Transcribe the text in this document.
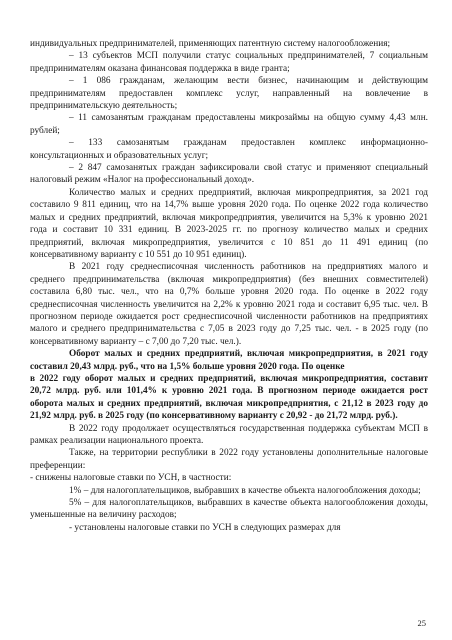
индивидуальных предпринимателей, применяющих патентную систему налогообложения;

– 13 субъектов МСП получили статус социальных предпринимателей, 7 социальным предпринимателям оказана финансовая поддержка в виде гранта;

– 1 086 гражданам, желающим вести бизнес, начинающим и действующим предпринимателям предоставлен комплекс услуг, направленный на вовлечение в предпринимательскую деятельность;

– 11 самозанятым гражданам предоставлены микрозаймы на общую сумму 4,43 млн. рублей;

– 133 самозанятым гражданам предоставлен комплекс информационно-консультационных и образовательных услуг;

– 2 847 самозанятых граждан зафиксировали свой статус и применяют специальный налоговый режим «Налог на профессиональный доход».

Количество малых и средних предприятий, включая микропредприятия, за 2021 год составило 9 811 единиц, что на 14,7% выше уровня 2020 года. По оценке 2022 года количество малых и средних предприятий, включая микропредприятия, увеличится на 5,3% к уровню 2021 года и составит 10 331 единиц. В 2023-2025 гг. по прогнозу количество малых и средних предприятий, включая микропредприятия, увеличится с 10 851 до 11 491 единиц (по консервативному варианту с 10 551 до 10 951 единиц).

В 2021 году среднесписочная численность работников на предприятиях малого и среднего предпринимательства (включая микропредприятия) (без внешних совместителей) составила 6,80 тыс. чел., что на 0,7% больше уровня 2020 года. По оценке в 2022 году среднесписочная численность увеличится на 2,2% к уровню 2021 года и составит 6,95 тыс. чел. В прогнозном периоде ожидается рост среднесписочной численности работников на предприятиях малого и среднего предпринимательства с 7,05 в 2023 году до 7,25 тыс. чел. - в 2025 году (по консервативному варианту – с 7,00 до 7,20 тыс. чел.).

Оборот малых и средних предприятий, включая микропредприятия, в 2021 году составил 20,43 млрд. руб., что на 1,5% больше уровня 2020 года. По оценке

в 2022 году оборот малых и средних предприятий, включая микропредприятия, составит 20,72 млрд. руб. или 101,4% к уровню 2021 года. В прогнозном периоде ожидается рост оборота малых и средних предприятий, включая микропредприятия, с 21,12 в 2023 году до 21,92 млрд. руб. в 2025 году (по консервативному варианту с 20,92 - до 21,72 млрд. руб.).

В 2022 году продолжает осуществляться государственная поддержка субъектам МСП в рамках реализации национального проекта.

Также, на территории республики в 2022 году установлены дополнительные налоговые преференции:

- снижены налоговые ставки по УСН, в частности:

1% – для налогоплательщиков, выбравших в качестве объекта налогообложения доходы;

5% – для налогоплательщиков, выбравших в качестве объекта налогообложения доходы, уменьшенные на величину расходов;

- установлены налоговые ставки по УСН в следующих размерах для

25
